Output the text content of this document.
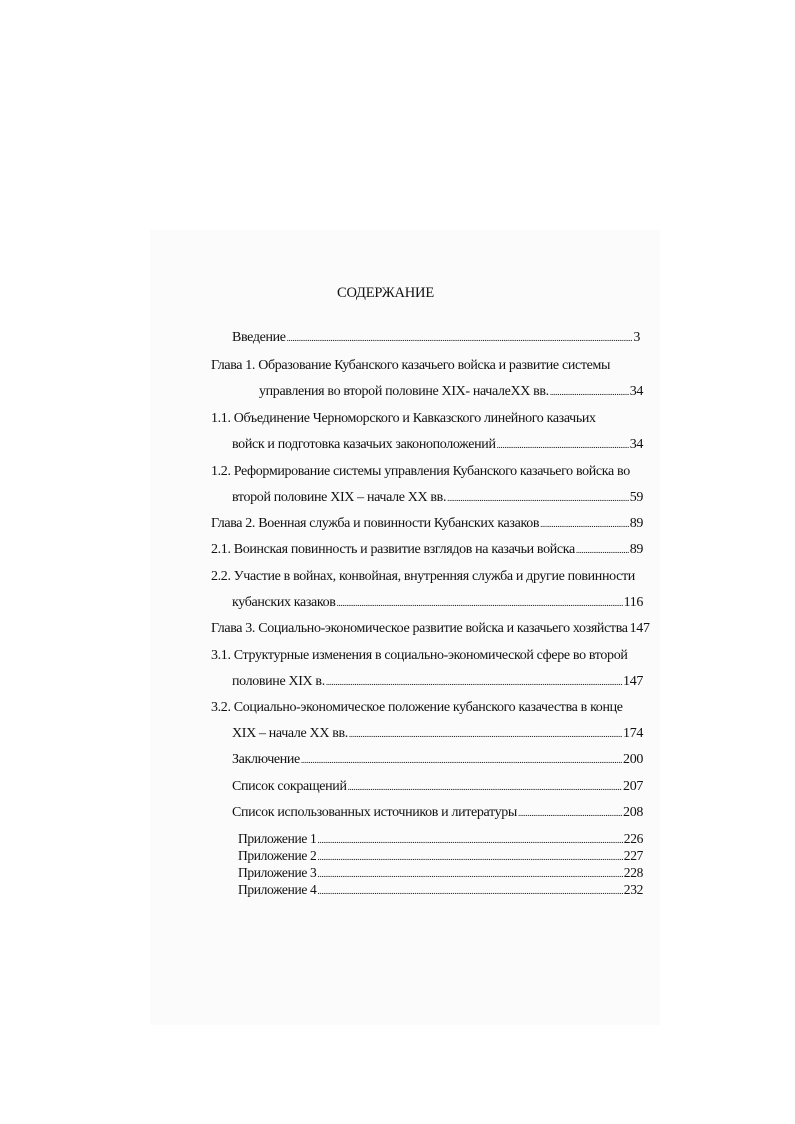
СОДЕРЖАНИЕ
Введение . . .	3
Глава 1. Образование Кубанского казачьего войска и развитие системы
управления во второй половине XIX- началеХХ вв. . . .	34
1.1. Объединение Черноморского и Кавказского линейного казачьих
войск и подготовка казачьих законоположений . . .	34
1.2. Реформирование системы управления Кубанского казачьего войска во
второй половине XIX – начале ХХ вв. . . .	59
Глава 2. Военная служба и повинности Кубанских казаков . . .	89
2.1. Воинская повинность и развитие взглядов на казачьи войска . . .	89
2.2. Участие в войнах, конвойная, внутренняя служба и другие повинности
кубанских казаков . . .	116
Глава 3. Социально-экономическое развитие войска и казачьего хозяйства 147
3.1. Структурные изменения в социально-экономической сфере во второй
половине XIX в. . . .	147
3.2. Социально-экономическое положение кубанского казачества в конце
XIX – начале XX вв. . . .	174
Заключение . . .	200
Список сокращений . . .	207
Список использованных источников и литературы . . .	208
Приложение 1 . . .	226
Приложение 2 . . .	227
Приложение 3 . . .	228
Приложение 4 . . .	232
